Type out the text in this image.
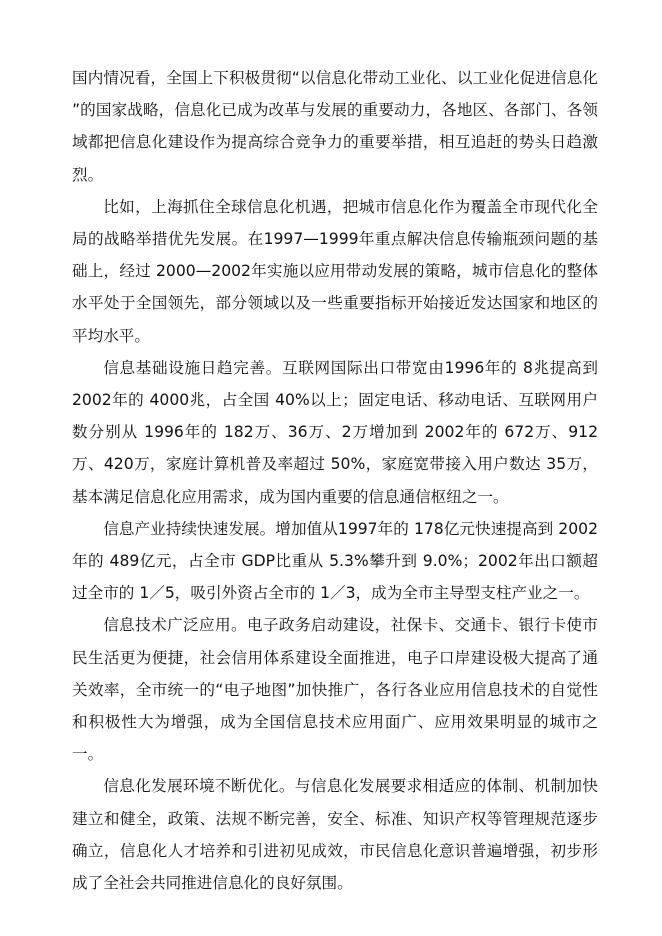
国内情况看，全国上下积极贯彻“以信息化带动工业化、以工业化促进信息化 ”的国家战略，信息化已成为改革与发展的重要动力，各地区、各部门、各领域都把信息化建设作为提高综合竞争力的重要举措，相互追赶的势头日趋激烈。

比如，上海抓住全球信息化机遇，把城市信息化作为覆盖全市现代化全局的战略举措优先发展。在1997—1999年重点解决信息传输瓶颈问题的基础上，经过 2000—2002年实施以应用带动发展的策略，城市信息化的整体水平处于全国领先，部分领域以及一些重要指标开始接近发达国家和地区的平均水平。

信息基础设施日趋完善。互联网国际出口带宽由1996年的 8兆提高到2002年的 4000兆，占全国 40%以上；固定电话、移动电话、互联网用户数分别从 1996年的 182万、36万、2万增加到 2002年的 672万、912万、420万，家庭计算机普及率超过 50%，家庭宽带接入用户数达 35万，基本满足信息化应用需求，成为国内重要的信息通信枢纽之一。

信息产业持续快速发展。增加值从1997年的 178亿元快速提高到 2002年的 489亿元，占全市 GDP比重从 5.3%攀升到 9.0%；2002年出口额超过全市的 1／5，吸引外资占全市的 1／3，成为全市主导型支柱产业之一。

信息技术广泛应用。电子政务启动建设，社保卡、交通卡、银行卡使市民生活更为便捷，社会信用体系建设全面推进，电子口岸建设极大提高了通关效率，全市统一的“电子地图”加快推广，各行各业应用信息技术的自觉性和积极性大为增强，成为全国信息技术应用面广、应用效果明显的城市之一。

信息化发展环境不断优化。与信息化发展要求相适应的体制、机制加快建立和健全，政策、法规不断完善，安全、标准、知识产权等管理规范逐步确立，信息化人才培养和引进初见成效，市民信息化意识普遍增强，初步形成了全社会共同推进信息化的良好氛围。
